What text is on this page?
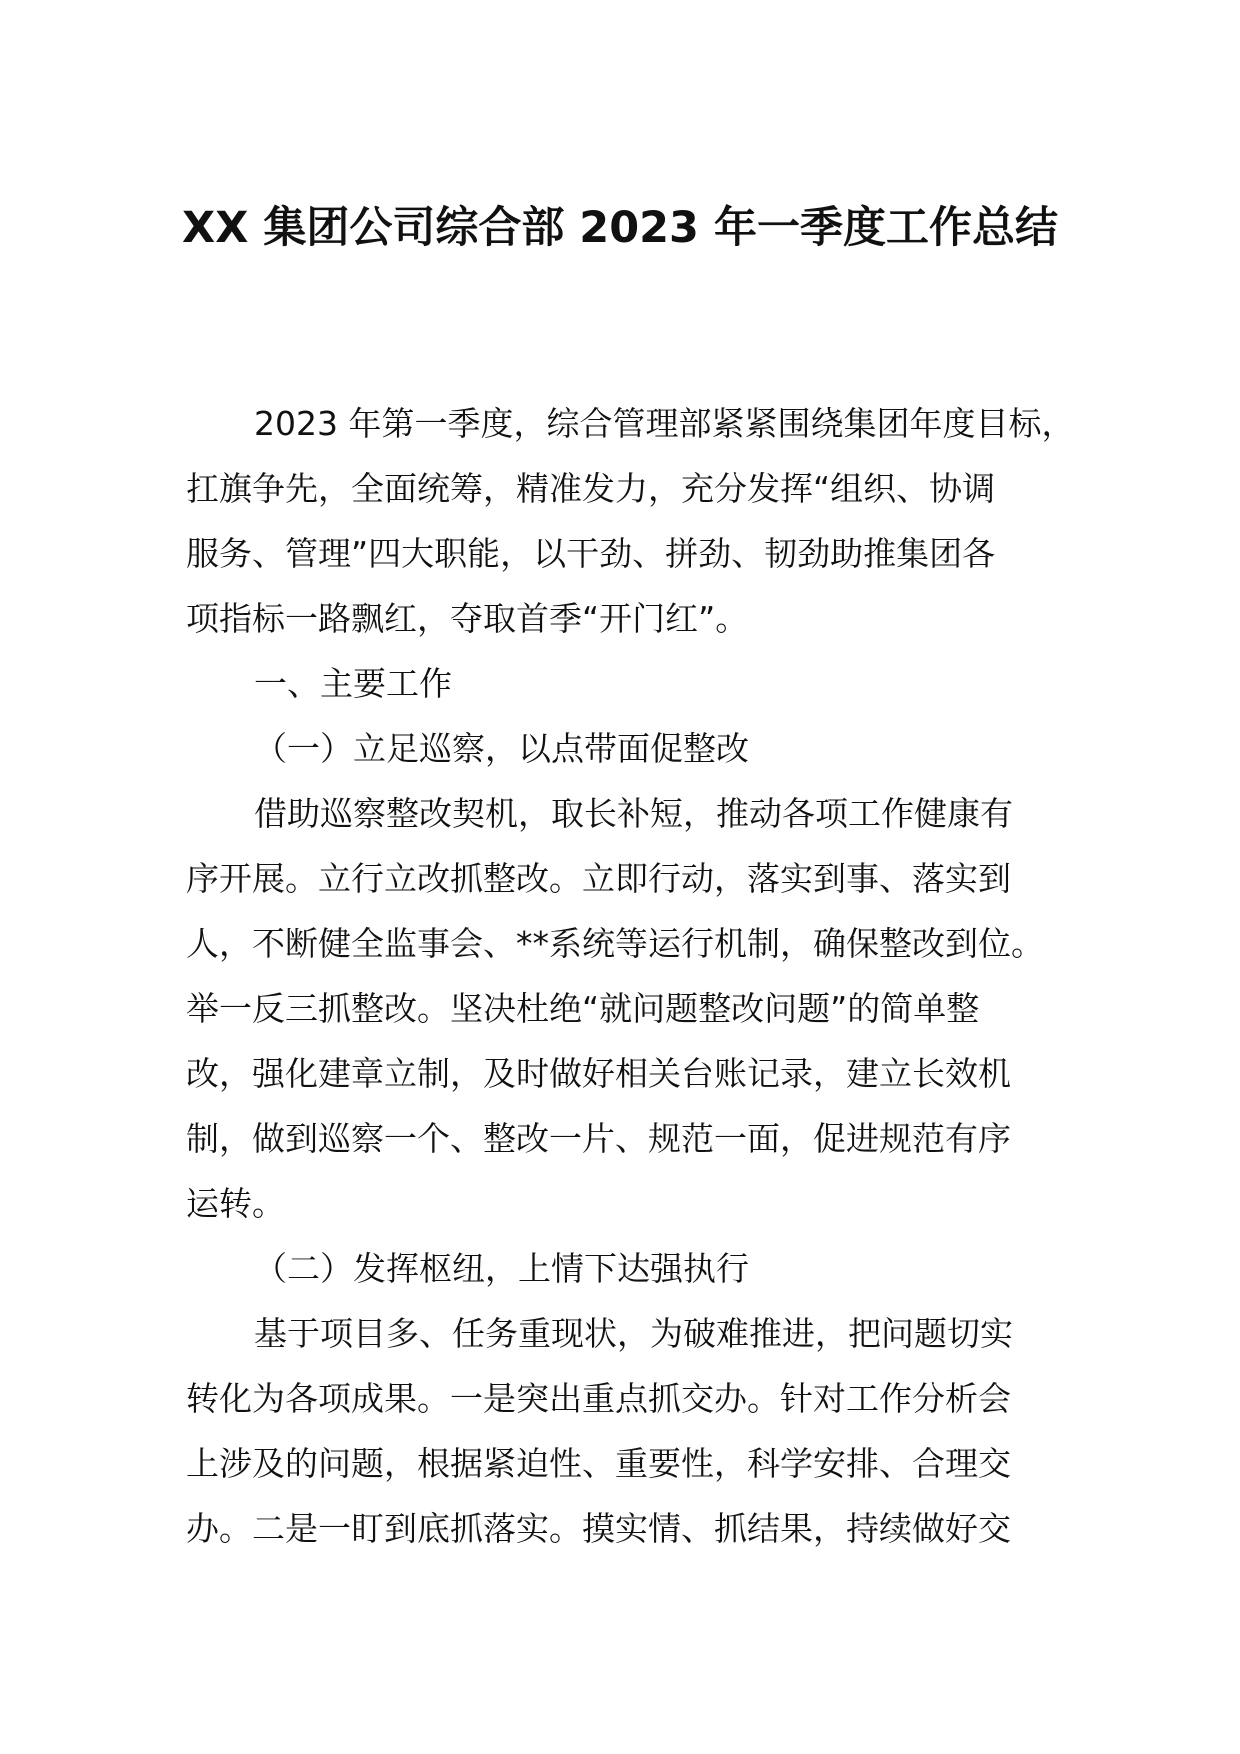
XX 集团公司综合部 2023 年一季度工作总结
2023 年第一季度，综合管理部紧紧围绕集团年度目标，
扛旗争先，全面统筹，精准发力，充分发挥“组织、协调
服务、管理”四大职能，以干劲、拼劲、韧劲助推集团各
项指标一路飘红，夺取首季“开门红”。
一、主要工作
（一）立足巡察，以点带面促整改
借助巡察整改契机，取长补短，推动各项工作健康有
序开展。立行立改抓整改。立即行动，落实到事、落实到
人，不断健全监事会、**系统等运行机制，确保整改到位。
举一反三抓整改。坚决杜绝“就问题整改问题”的简单整
改，强化建章立制，及时做好相关台账记录，建立长效机
制，做到巡察一个、整改一片、规范一面，促进规范有序
运转。
（二）发挥枢纽，上情下达强执行
基于项目多、任务重现状，为破难推进，把问题切实
转化为各项成果。一是突出重点抓交办。针对工作分析会
上涉及的问题，根据紧迫性、重要性，科学安排、合理交
办。二是一盯到底抓落实。摸实情、抓结果，持续做好交
